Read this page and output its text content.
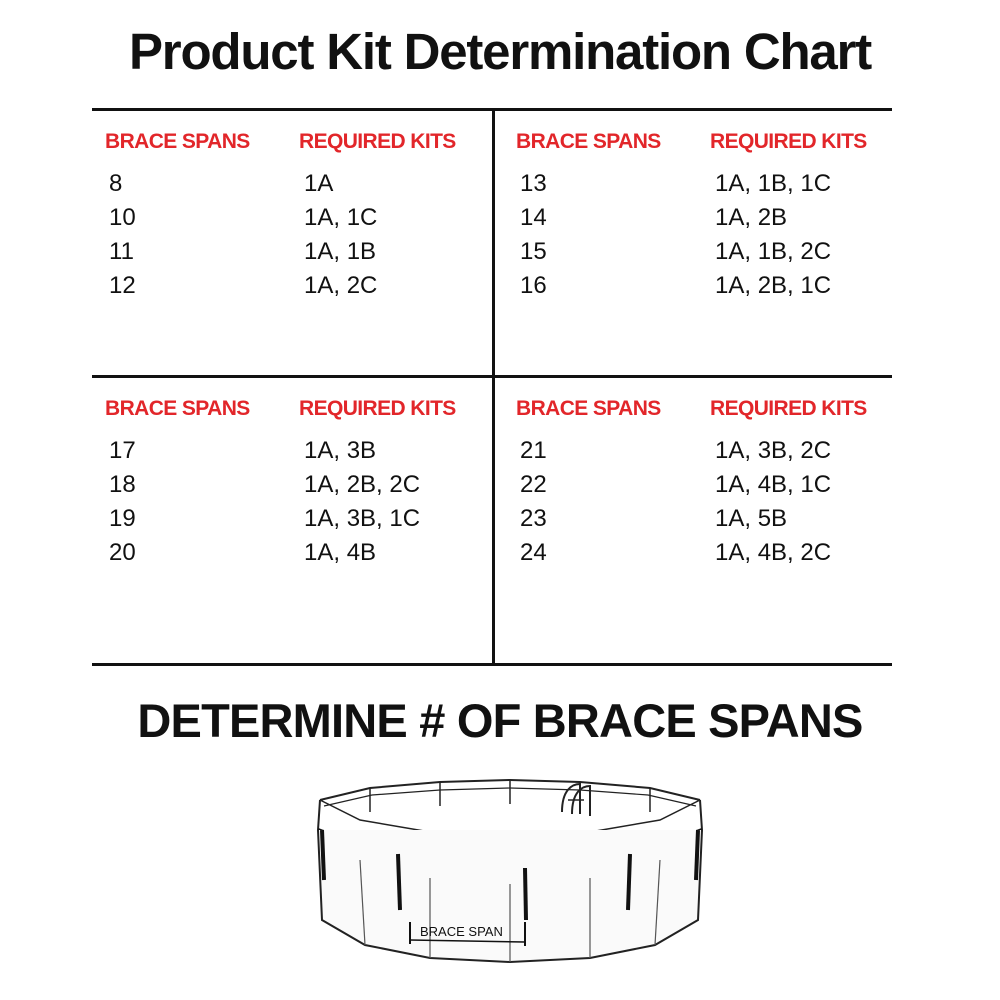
Product Kit Determination Chart
BRACE SPANS REQUIRED KITS
8	1A
10	1A, 1C
11	1A, 1B
12	1A, 2C
BRACE SPANS REQUIRED KITS
13	1A, 1B, 1C
14	1A, 2B
15	1A, 1B, 2C
16	1A, 2B, 1C
BRACE SPANS REQUIRED KITS
17	1A, 3B
18	1A, 2B, 2C
19	1A, 3B, 1C
20	1A, 4B
BRACE SPANS REQUIRED KITS
21	1A, 3B, 2C
22	1A, 4B, 1C
23	1A, 5B
24	1A, 4B, 2C
DETERMINE # OF BRACE SPANS
BRACE SPAN
